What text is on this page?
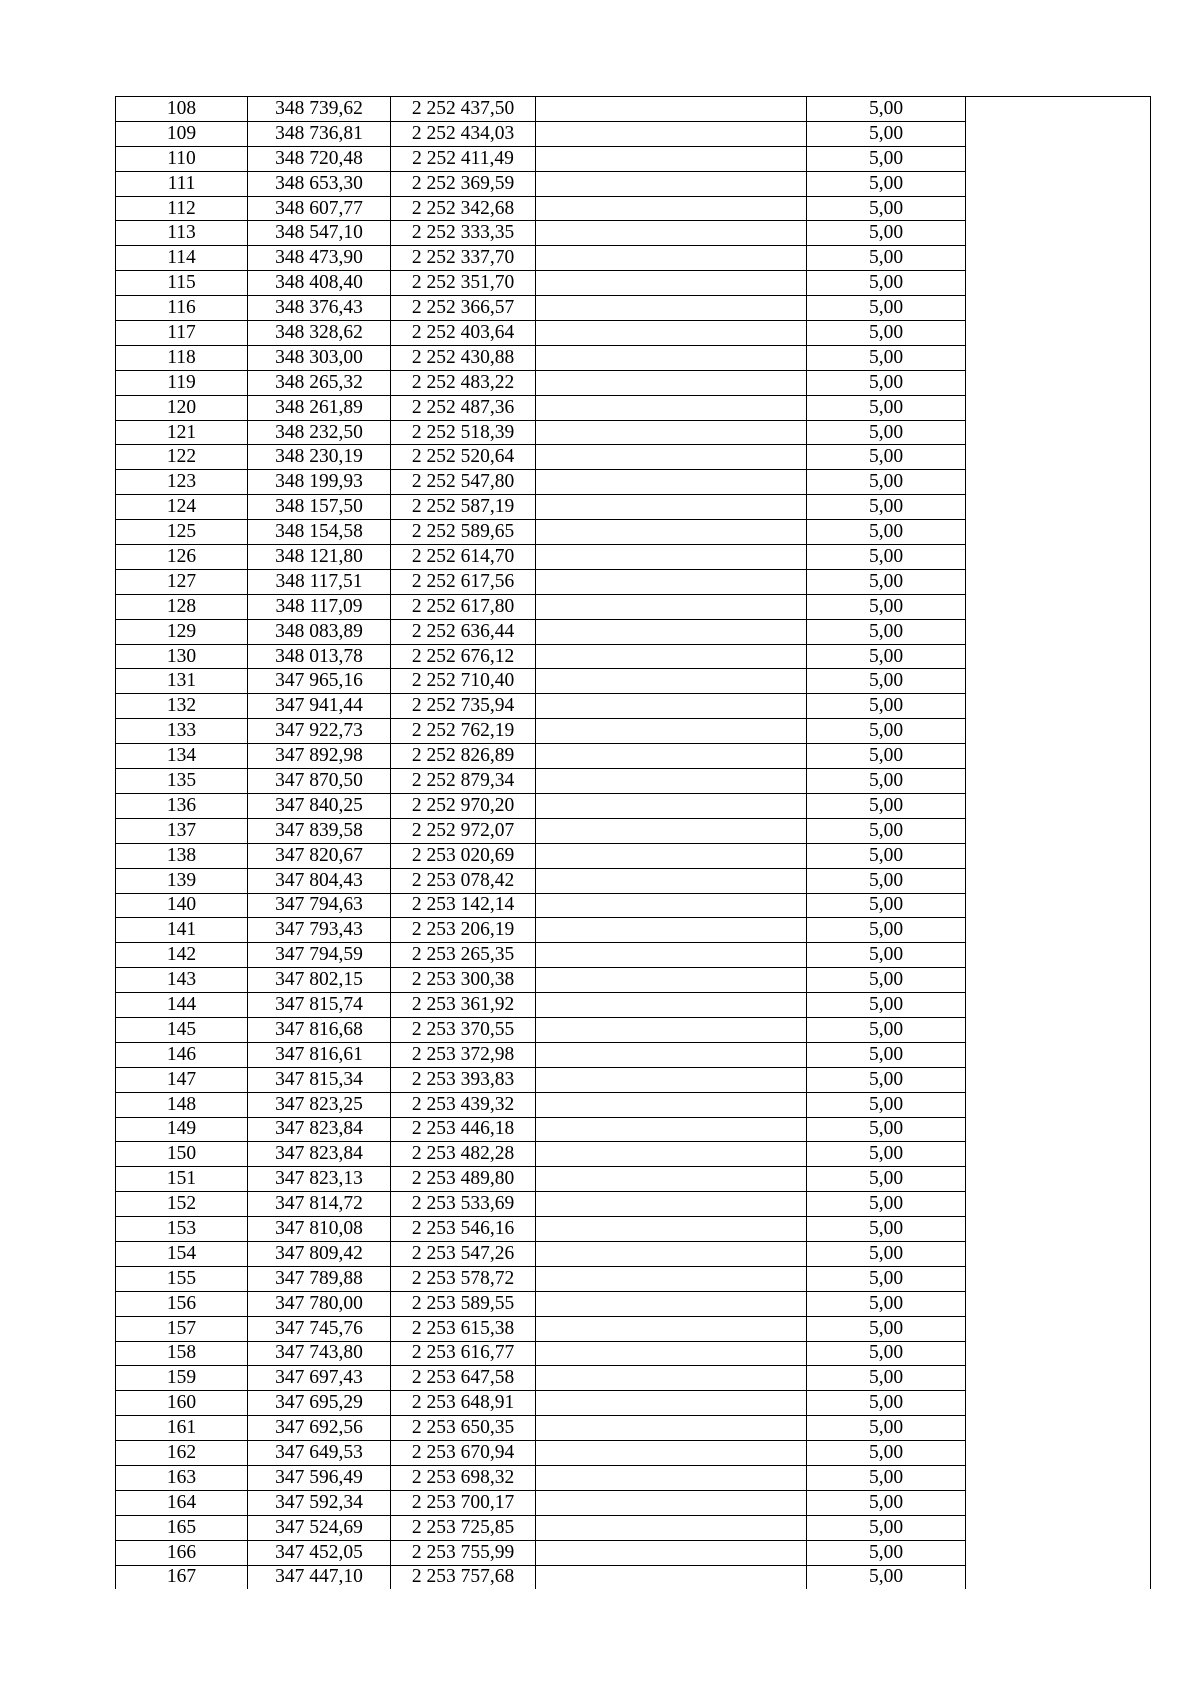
108	348 739,62	2 252 437,50		5,00	
109	348 736,81	2 252 434,03		5,00	
110	348 720,48	2 252 411,49		5,00	
111	348 653,30	2 252 369,59		5,00	
112	348 607,77	2 252 342,68		5,00	
113	348 547,10	2 252 333,35		5,00	
114	348 473,90	2 252 337,70		5,00	
115	348 408,40	2 252 351,70		5,00	
116	348 376,43	2 252 366,57		5,00	
117	348 328,62	2 252 403,64		5,00	
118	348 303,00	2 252 430,88		5,00	
119	348 265,32	2 252 483,22		5,00	
120	348 261,89	2 252 487,36		5,00	
121	348 232,50	2 252 518,39		5,00	
122	348 230,19	2 252 520,64		5,00	
123	348 199,93	2 252 547,80		5,00	
124	348 157,50	2 252 587,19		5,00	
125	348 154,58	2 252 589,65		5,00	
126	348 121,80	2 252 614,70		5,00	
127	348 117,51	2 252 617,56		5,00	
128	348 117,09	2 252 617,80		5,00	
129	348 083,89	2 252 636,44		5,00	
130	348 013,78	2 252 676,12		5,00	
131	347 965,16	2 252 710,40		5,00	
132	347 941,44	2 252 735,94		5,00	
133	347 922,73	2 252 762,19		5,00	
134	347 892,98	2 252 826,89		5,00	
135	347 870,50	2 252 879,34		5,00	
136	347 840,25	2 252 970,20		5,00	
137	347 839,58	2 252 972,07		5,00	
138	347 820,67	2 253 020,69		5,00	
139	347 804,43	2 253 078,42		5,00	
140	347 794,63	2 253 142,14		5,00	
141	347 793,43	2 253 206,19		5,00	
142	347 794,59	2 253 265,35		5,00	
143	347 802,15	2 253 300,38		5,00	
144	347 815,74	2 253 361,92		5,00	
145	347 816,68	2 253 370,55		5,00	
146	347 816,61	2 253 372,98		5,00	
147	347 815,34	2 253 393,83		5,00	
148	347 823,25	2 253 439,32		5,00	
149	347 823,84	2 253 446,18		5,00	
150	347 823,84	2 253 482,28		5,00	
151	347 823,13	2 253 489,80		5,00	
152	347 814,72	2 253 533,69		5,00	
153	347 810,08	2 253 546,16		5,00	
154	347 809,42	2 253 547,26		5,00	
155	347 789,88	2 253 578,72		5,00	
156	347 780,00	2 253 589,55		5,00	
157	347 745,76	2 253 615,38		5,00	
158	347 743,80	2 253 616,77		5,00	
159	347 697,43	2 253 647,58		5,00	
160	347 695,29	2 253 648,91		5,00	
161	347 692,56	2 253 650,35		5,00	
162	347 649,53	2 253 670,94		5,00	
163	347 596,49	2 253 698,32		5,00	
164	347 592,34	2 253 700,17		5,00	
165	347 524,69	2 253 725,85		5,00	
166	347 452,05	2 253 755,99		5,00	
167	347 447,10	2 253 757,68		5,00	
